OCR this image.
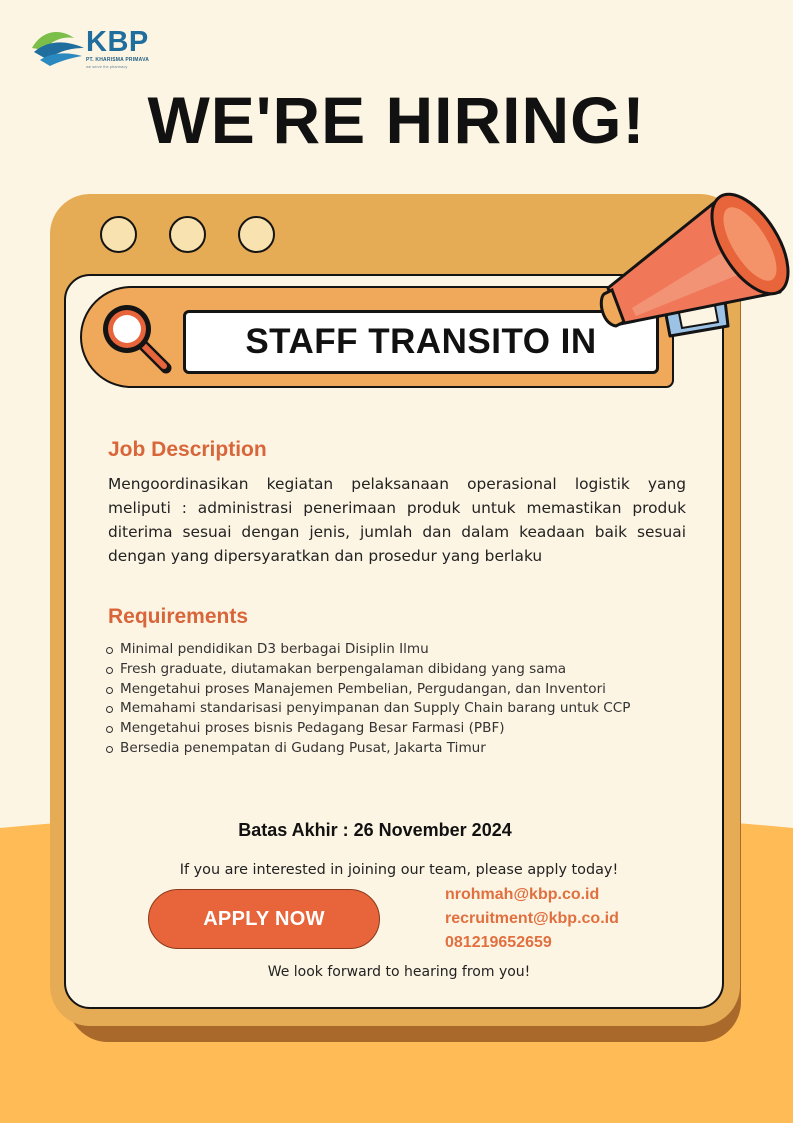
KBP
PT. KHARISMA PRIMAVA
we serve the pharmacy
WE'RE HIRING!
STAFF TRANSITO IN
Job Description
Mengoordinasikan kegiatan pelaksanaan operasional logistik yang meliputi : administrasi penerimaan produk untuk memastikan produk diterima sesuai dengan jenis, jumlah dan dalam keadaan baik sesuai dengan yang dipersyaratkan dan prosedur yang berlaku
Requirements
Minimal pendidikan D3 berbagai Disiplin Ilmu
Fresh graduate, diutamakan berpengalaman dibidang yang sama
Mengetahui proses Manajemen Pembelian, Pergudangan, dan Inventori
Memahami standarisasi penyimpanan dan Supply Chain barang untuk CCP
Mengetahui proses bisnis Pedagang Besar Farmasi (PBF)
Bersedia penempatan di Gudang Pusat, Jakarta Timur
Batas Akhir : 26 November 2024
If you are interested in joining our team, please apply today!
APPLY NOW
nrohmah@kbp.co.id
recruitment@kbp.co.id
081219652659
We look forward to hearing from you!
